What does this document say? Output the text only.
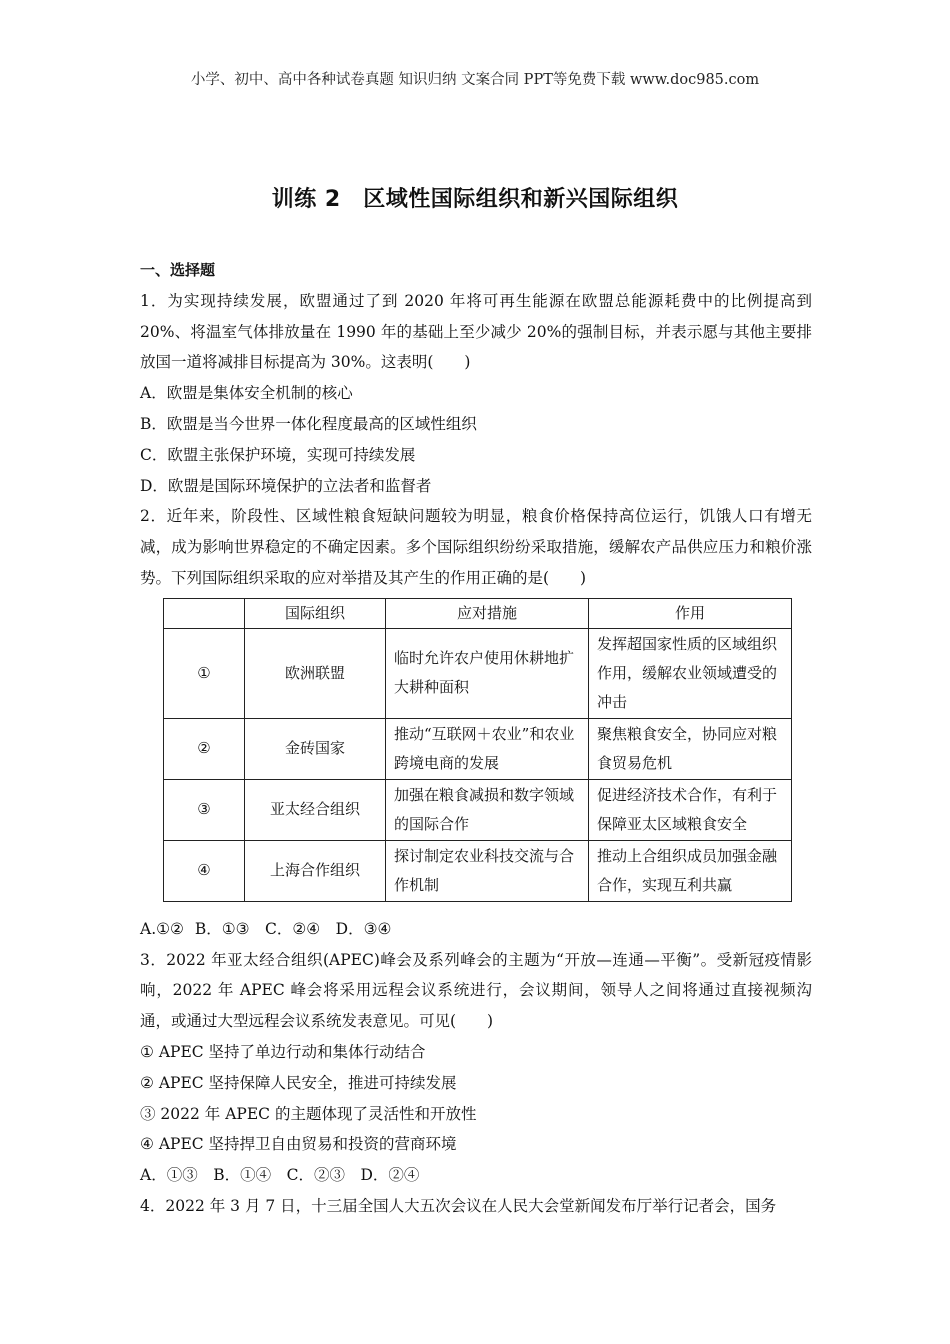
小学、初中、高中各种试卷真题 知识归纳 文案合同 PPT等免费下载 www.doc985.com
训练 2　区域性国际组织和新兴国际组织
一、选择题
1．为实现持续发展，欧盟通过了到 2020 年将可再生能源在欧盟总能源耗费中的比例提高到 20%、将温室气体排放量在 1990 年的基础上至少减少 20%的强制目标，并表示愿与其他主要排放国一道将减排目标提高为 30%。这表明(　　)
A．欧盟是集体安全机制的核心
B．欧盟是当今世界一体化程度最高的区域性组织
C．欧盟主张保护环境，实现可持续发展
D．欧盟是国际环境保护的立法者和监督者
2．近年来，阶段性、区域性粮食短缺问题较为明显，粮食价格保持高位运行，饥饿人口有增无减，成为影响世界稳定的不确定因素。多个国际组织纷纷采取措施，缓解农产品供应压力和粮价涨势。下列国际组织采取的应对举措及其产生的作用正确的是(　　)
	国际组织	应对措施	作用
①	欧洲联盟	临时允许农户使用休耕地扩大耕种面积	发挥超国家性质的区域组织作用，缓解农业领域遭受的冲击
②	金砖国家	推动“互联网＋农业”和农业跨境电商的发展	聚焦粮食安全，协同应对粮食贸易危机
③	亚太经合组织	加强在粮食减损和数字领域的国际合作	促进经济技术合作，有利于保障亚太区域粮食安全
④	上海合作组织	探讨制定农业科技交流与合作机制	推动上合组织成员加强金融合作，实现互利共赢
A.①② B．①③　C．②④　D．③④
3．2022 年亚太经合组织(APEC)峰会及系列峰会的主题为“开放—连通—平衡”。受新冠疫情影响，2022 年 APEC 峰会将采用远程会议系统进行，会议期间，领导人之间将通过直接视频沟通，或通过大型远程会议系统发表意见。可见(　　)
① APEC 坚持了单边行动和集体行动结合
② APEC 坚持保障人民安全，推进可持续发展
③ 2022 年 APEC 的主题体现了灵活性和开放性
④ APEC 坚持捍卫自由贸易和投资的营商环境
A．①③　B．①④　C．②③　D．②④
4．2022 年 3 月 7 日，十三届全国人大五次会议在人民大会堂新闻发布厅举行记者会，国务
